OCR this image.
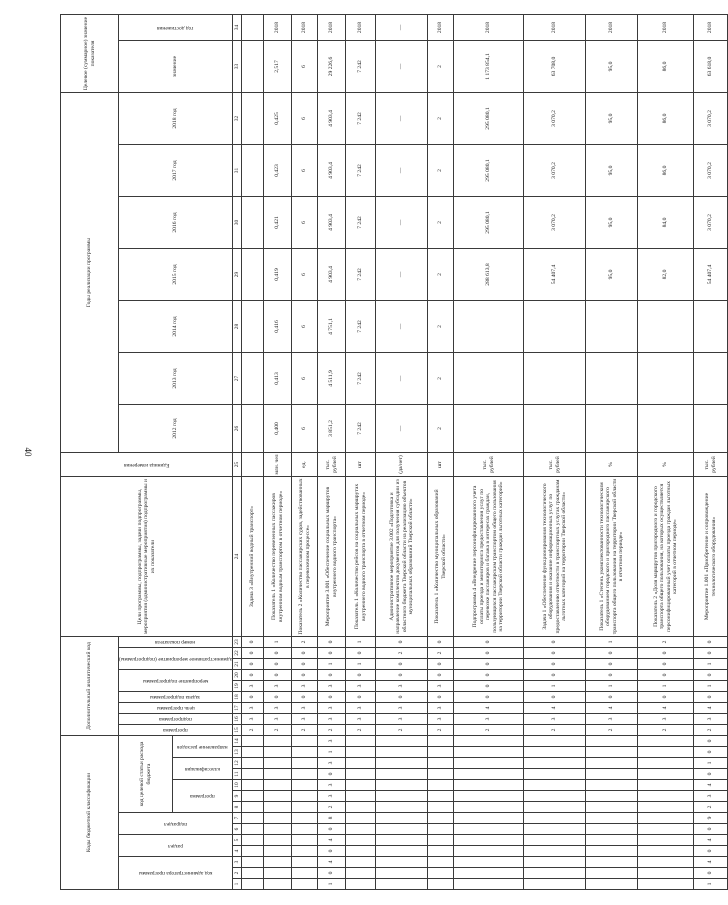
40
Коды бюджетной классификации														Дополнительный аналитический код									Цели программы, подпрограммы, задачи подпрограммы, мероприятия (административные мероприятия) подпрограммы и их показатели	Единица измерения	Годы реализации программы							Целевое (суммарное) значение показателя	

код администратора программы			раздел		подраздел		код целевой статьи расхода бюджета							программа	подпрограмма	цель программы	задача подпрограммы	мероприятие подпрограммы		административное мероприятие (подпрограммы)		номер показателя			2012 год	2013 год	2014 год	2015 год	2016 год	2017 год	2018 год	значение	год достижения

							программа			классификация		направление расходов																					

1	2	3	4	5	6	7	8	9	10	11	12	13	14	15	16	17	18	19	20	21	22	23	24	25	26	27	28	29	30	31	32	33	34
														2	3	3	0	3	0	0	0	0	Задача 3 «Внутренний водный транспорт»										
														2	3	3	0	3	0	0	0	1	Показатель 1 «Количество перевезенных пассажиров внутренним водным транспортом в отчетном периоде»	млн. чел	0,400	0,413	0,416	0,419	0,421	0,423	0,425	2,517	2018
														2	3	3	0	3	0	0	0	2	Показатель 2 «Количество пассажирских судов, задействованных в перевозочном процессе»	ед.	6	6	6	6	6	6	6	6	2018
1	0	4	0	4	0	8	2	3	3	0	3	1	3	2	3	3	0	3	0	1	0	0	Мероприятие 3.001 «Обеспечение социальных маршрутов внутреннего водного транспорта»	тыс. рублей	3 851,2	4 511,9	4 751,1	4 903,4	4 903,4	4 903,4	4 903,4	29 226,6	2018
														2	3	3	0	3	0	1	0	1	Показатель 1 «Количество рейсов на социальных маршрутах внутреннего водного транспорта в отчетном периоде»	шт	7 242	7 242	7 242	7 242	7 242	7 242	7 242	7 242	2018
														2	3	3	0	3	0	0	2	0	Административное мероприятие 3.002 «Подготовка и направление комплектов документов для получения субсидии из областного бюджета Тверской области на реализацию объектов муниципальных образований Тверской области»	(да/нет)	—	—	—	—	—	—	—	—	—
														2	3	3	0	3	0	0	2	0	Показатель 1 «Количество муниципальных образований Тверской области»	шт	2	2	2	2	2	2	2	2	2018
														2	3	4	0	0	0	0	0	0	Подпрограмма 4 «Внедрение персонифицированного учета оплаты проезда и мониторинга предоставления услуг по перевозке пассажиров и багажа в интересах граждан, пользующихся пассажирским транспортом общего пользования на территории Тверской области граждан льготных категорий»	тыс. рублей				288 613,8	295 080,1	295 080,1	295 080,1	1 173 854,1	2018
														2	3	4	0	1	0	0	0	0	Задача 1 «Обеспечение функционирования технологического оборудования и оказание информационных услуг по предоставлению отчетности в транспортных услугах гражданам льготных категорий на территории Тверской области»	тыс. рублей				54 407,4	3 070,2	3 070,2	3 070,2	63 708,0	2018
														2	3	4	0	1	0	0	0	1	Показатель 1 «Степень укомплектованности технологическим оборудованием городского и пригородного пассажирского транспорта общего пользования на территории Тверской области в отчетном периоде»	%				95,0	95,0	95,0	95,0	95,0	2018
														2	3	4	0	1	0	0	0	2	Показатель 2 «Доля маршрутов пригородного и городского транспорта общего пользования, на которых осуществляется персонифицированный учет оплаты проезда граждан льготных категорий в отчетном периоде»	%				82,0	84,0	86,0	86,0	86,0	2018
1	0	4	0	4	0	9	2	3	4	0	1	0	0	2	3	4	0	1	0	1	0	0	Мероприятие 1.001 «Приобретение и сопровождение технологического оборудования»	тыс. рублей				54 407,4	3 070,2	3 070,2	3 070,2	63 618,0	2018
